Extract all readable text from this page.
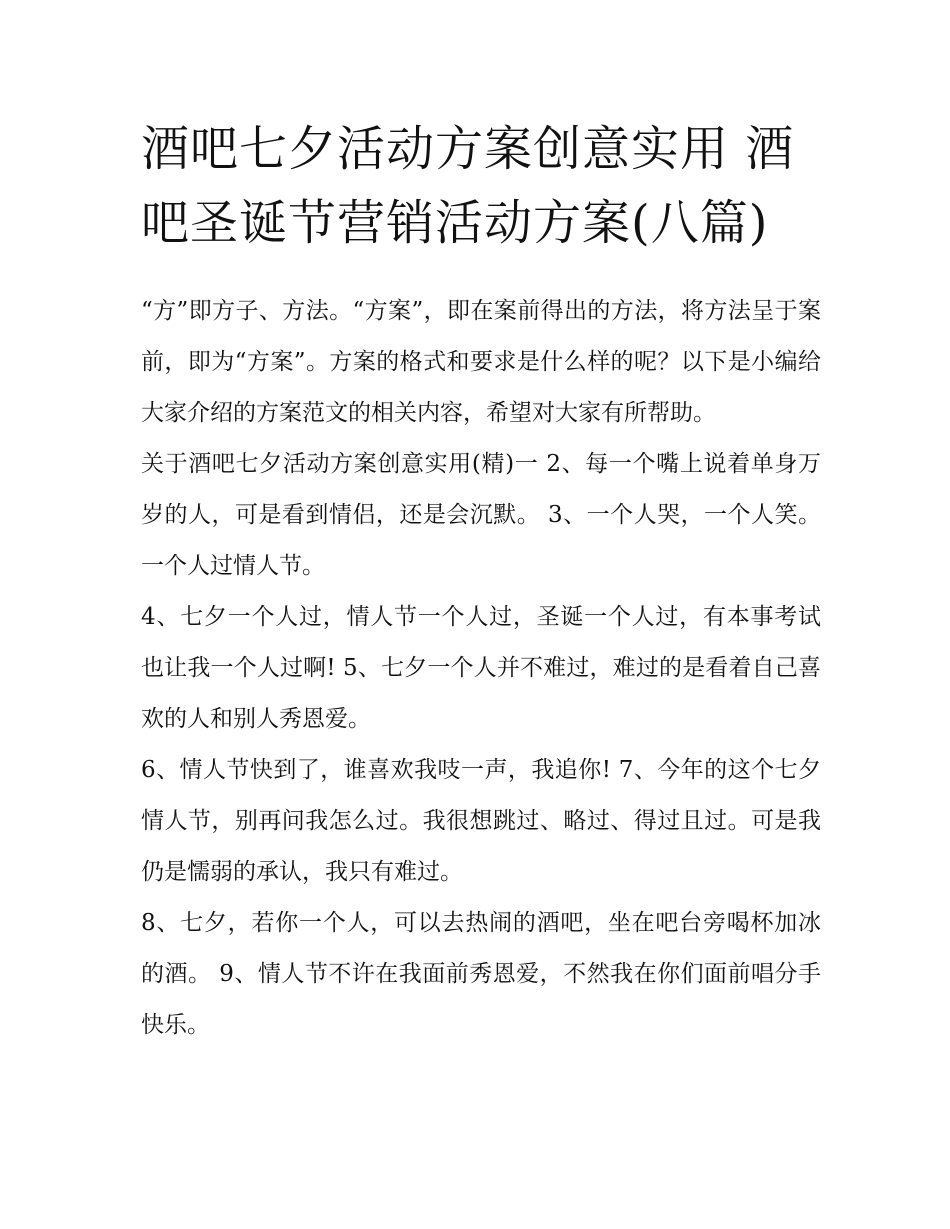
酒吧七夕活动方案创意实用 酒吧圣诞节营销活动方案(八篇)

“方”即方子、方法。“方案”，即在案前得出的方法，将方法呈于案前，即为“方案”。方案的格式和要求是什么样的呢？以下是小编给大家介绍的方案范文的相关内容，希望对大家有所帮助。

关于酒吧七夕活动方案创意实用(精)一 2、每一个嘴上说着单身万岁的人，可是看到情侣，还是会沉默。 3、一个人哭，一个人笑。一个人过情人节。

4、七夕一个人过，情人节一个人过，圣诞一个人过，有本事考试也让我一个人过啊! 5、七夕一个人并不难过，难过的是看着自己喜欢的人和别人秀恩爱。

6、情人节快到了，谁喜欢我吱一声，我追你! 7、今年的这个七夕情人节，别再问我怎么过。我很想跳过、略过、得过且过。可是我仍是懦弱的承认，我只有难过。

8、七夕，若你一个人，可以去热闹的酒吧，坐在吧台旁喝杯加冰的酒。 9、情人节不许在我面前秀恩爱，不然我在你们面前唱分手快乐。
